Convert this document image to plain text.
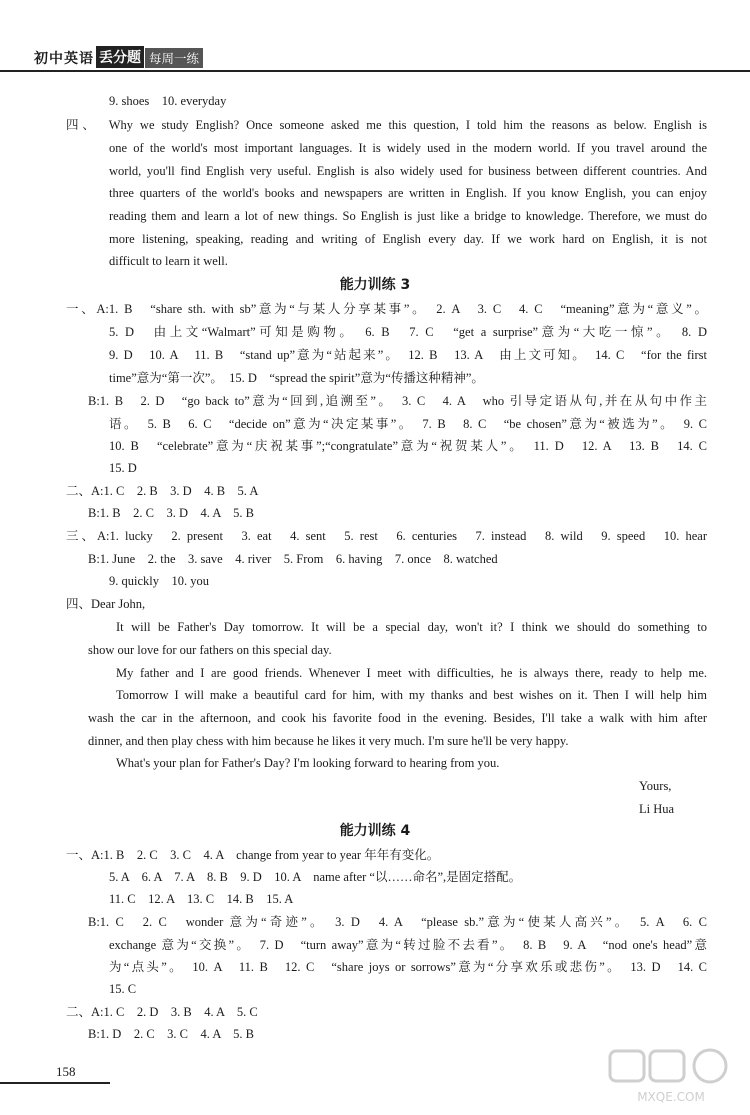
初中英语 丢分题 每周一练
9. shoes　10. everyday
四、　Why we study English? Once someone asked me this question, I told him the reasons as below. English is
one of the world's most important languages. It is widely used in the modern world. If you travel around the
world, you'll find English very useful. English is also widely used for business between different countries. And
three quarters of the world's books and newspapers are written in English. If you know English, you can enjoy
reading them and learn a lot of new things. So English is just like a bridge to knowledge. Therefore, we must do
more listening, speaking, reading and writing of English every day. If we work hard on English, it is not
difficult to learn it well.
一、A:1. B　“share sth. with sb”意为“与某人分享某事”。　2. A　3. C　4. C　“meaning”意为“意义”。
5. D　由上文“Walmart”可知是购物。　6. B　7. C　“get a surprise”意为“大吃一惊”。　8. D
9. D　10. A　11. B　“stand up”意为“站起来”。　12. B　13. A　由上文可知。　14. C　“for the first
time”意为“第一次”。　15. D　“spread the spirit”意为“传播这种精神”。
B:1. B　2. D　“go back to”意为“回到,追溯至”。　3. C　4. A　who 引导定语从句,并在从句中作主
语。　5. B　6. C　“decide on”意为“决定某事”。　7. B　8. C　“be chosen”意为“被选为”。　9. C
10. B　“celebrate”意为“庆祝某事”;“congratulate”意为“祝贺某人”。　11. D　12. A　13. B　14. C
15. D
二、A:1. C　2. B　3. D　4. B　5. A
B:1. B　2. C　3. D　4. A　5. B
三、A:1. lucky　2. present　3. eat　4. sent　5. rest　6. centuries　7. instead　8. wild　9. speed　10. hear
B:1. June　2. the　3. save　4. river　5. From　6. having　7. once　8. watched
9. quickly　10. you
四、Dear John,
It will be Father's Day tomorrow. It will be a special day, won't it? I think we should do something to
show our love for our fathers on this special day.
My father and I are good friends. Whenever I meet with difficulties, he is always there, ready to help me.
Tomorrow I will make a beautiful card for him, with my thanks and best wishes on it. Then I will help him
wash the car in the afternoon, and cook his favorite food in the evening. Besides, I'll take a walk with him after
dinner, and then play chess with him because he likes it very much. I'm sure he'll be very happy.
What's your plan for Father's Day? I'm looking forward to hearing from you.
Yours,
Li Hua
一、A:1. B　2. C　3. C　4. A　change from year to year 年年有变化。
5. A　6. A　7. A　8. B　9. D　10. A　name after “以……命名”,是固定搭配。
11. C　12. A　13. C　14. B　15. A
B:1. C　2. C　wonder 意为“奇迹”。　3. D　4. A　“please sb.”意为“使某人高兴”。　5. A　6. C
exchange 意为“交换”。　7. D　“turn away”意为“转过脸不去看”。　8. B　9. A　“nod one's head”意
为“点头”。　10. A　11. B　12. C　“share joys or sorrows”意为“分享欢乐或悲伤”。　13. D　14. C
15. C
二、A:1. C　2. D　3. B　4. A　5. C
B:1. D　2. C　3. C　4. A　5. B
能力训练 3
能力训练 4
158
MXQE.COM
